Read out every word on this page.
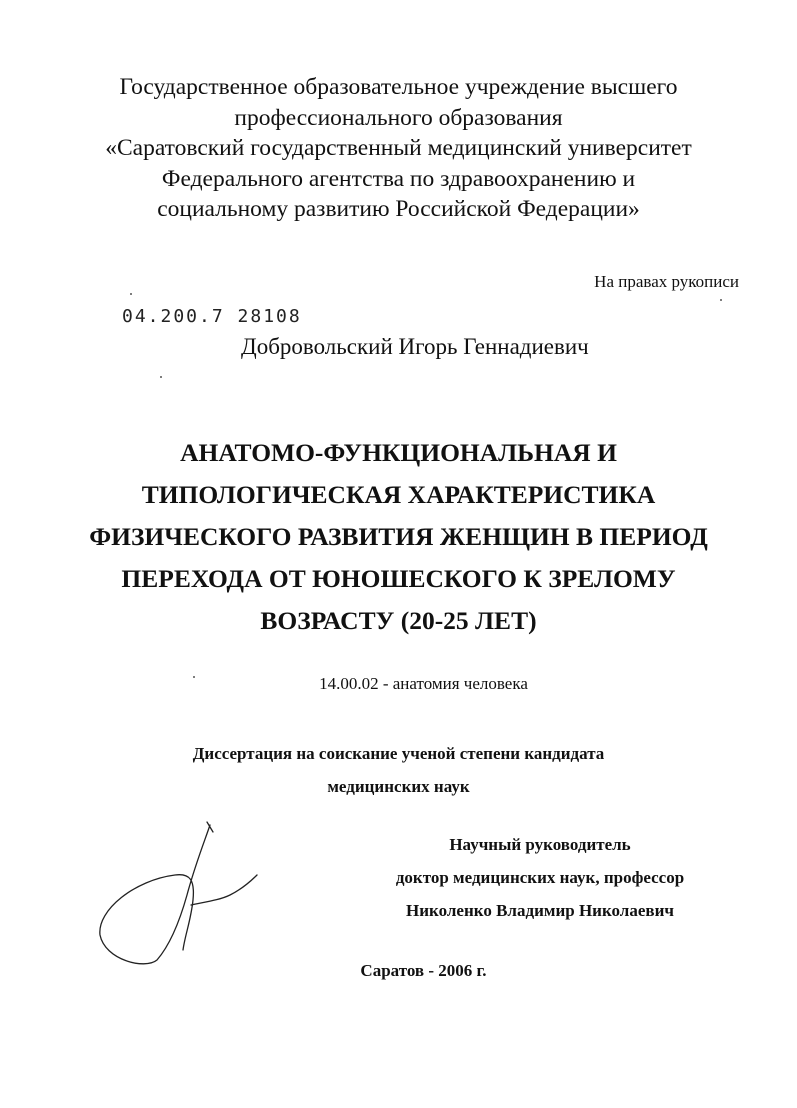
Государственное образовательное учреждение высшего
профессионального образования
«Саратовский государственный медицинский университет
Федерального агентства по здравоохранению и
социальному развитию Российской Федерации»
На правах рукописи
04.200.7 28108
Добровольский Игорь Геннадиевич
АНАТОМО-ФУНКЦИОНАЛЬНАЯ И
ТИПОЛОГИЧЕСКАЯ ХАРАКТЕРИСТИКА
ФИЗИЧЕСКОГО РАЗВИТИЯ ЖЕНЩИН В ПЕРИОД
ПЕРЕХОДА ОТ ЮНОШЕСКОГО К ЗРЕЛОМУ
ВОЗРАСТУ (20-25 ЛЕТ)
14.00.02 - анатомия человека
Диссертация на соискание ученой степени кандидата
медицинских наук
Научный руководитель
доктор медицинских наук, профессор
Николенко Владимир Николаевич
Саратов - 2006 г.
